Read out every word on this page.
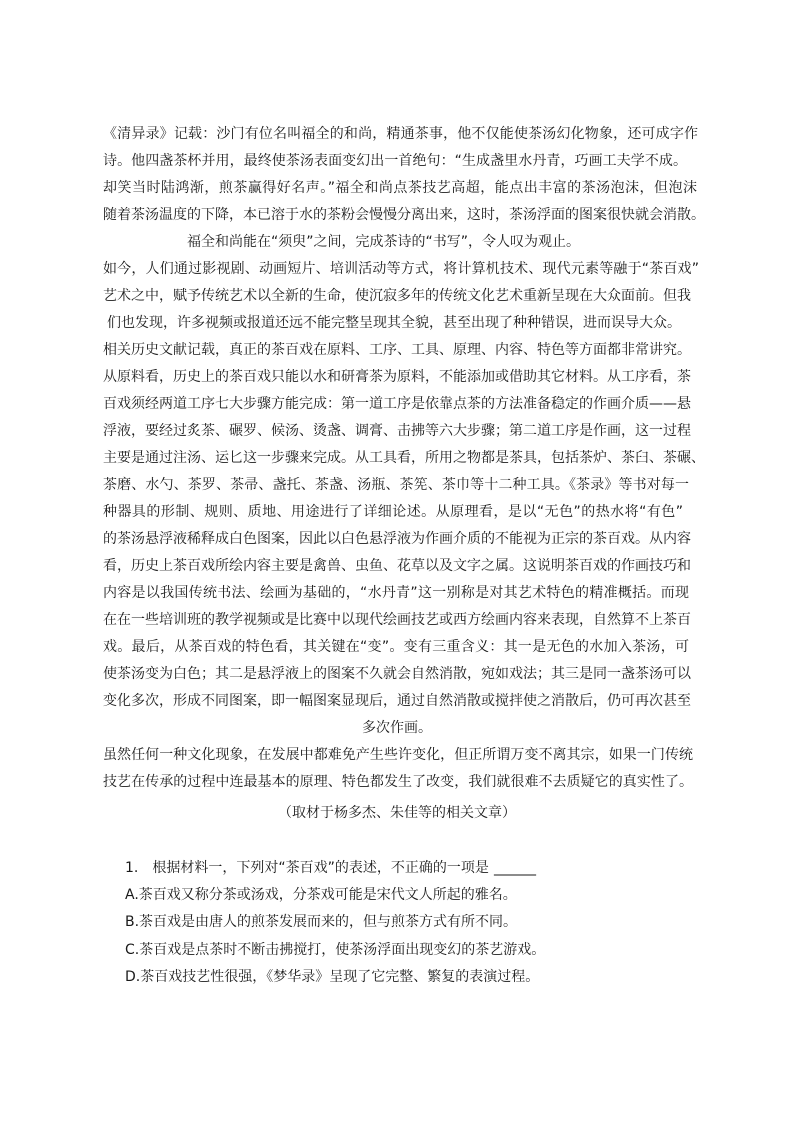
《清异录》记载：沙门有位名叫福全的和尚，精通茶事，他不仅能使茶汤幻化物象，还可成字作
诗。他四盏茶杯并用，最终使茶汤表面变幻出一首绝句：“生成盏里水丹青，巧画工夫学不成。
却笑当时陆鸿渐，煎茶赢得好名声。”福全和尚点茶技艺高超，能点出丰富的茶汤泡沫，但泡沫
随着茶汤温度的下降，本已溶于水的茶粉会慢慢分离出来，这时，茶汤浮面的图案很快就会消散。
福全和尚能在“须臾”之间，完成茶诗的“书写”，令人叹为观止。
如今，人们通过影视剧、动画短片、培训活动等方式，将计算机技术、现代元素等融于“茶百戏”
艺术之中，赋予传统艺术以全新的生命，使沉寂多年的传统文化艺术重新呈现在大众面前。但我
们也发现，许多视频或报道还远不能完整呈现其全貌，甚至出现了种种错误，进而误导大众。
相关历史文献记载，真正的茶百戏在原料、工序、工具、原理、内容、特色等方面都非常讲究。
从原料看，历史上的茶百戏只能以水和研膏茶为原料，不能添加或借助其它材料。从工序看，茶
百戏须经两道工序七大步骤方能完成：第一道工序是依靠点茶的方法准备稳定的作画介质——悬
浮液，要经过炙茶、碾罗、候汤、烫盏、调膏、击拂等六大步骤；第二道工序是作画，这一过程
主要是通过注汤、运匕这一步骤来完成。从工具看，所用之物都是茶具，包括茶炉、茶臼、茶碾、
茶磨、水勺、茶罗、茶帚、盏托、茶盏、汤瓶、茶筅、茶巾等十二种工具。《茶录》等书对每一
种器具的形制、规则、质地、用途进行了详细论述。从原理看，是以“无色”的热水将“有色”
的茶汤悬浮液稀释成白色图案，因此以白色悬浮液为作画介质的不能视为正宗的茶百戏。从内容
看，历史上茶百戏所绘内容主要是禽兽、虫鱼、花草以及文字之属。这说明茶百戏的作画技巧和
内容是以我国传统书法、绘画为基础的，“水丹青”这一别称是对其艺术特色的精准概括。而现
在在一些培训班的教学视频或是比赛中以现代绘画技艺或西方绘画内容来表现，自然算不上茶百
戏。最后，从茶百戏的特色看，其关键在“变”。变有三重含义：其一是无色的水加入茶汤，可
使茶汤变为白色；其二是悬浮液上的图案不久就会自然消散，宛如戏法；其三是同一盏茶汤可以
变化多次，形成不同图案，即一幅图案显现后，通过自然消散或搅拌使之消散后，仍可再次甚至
多次作画。
虽然任何一种文化现象，在发展中都难免产生些许变化，但正所谓万变不离其宗，如果一门传统
技艺在传承的过程中连最基本的原理、特色都发生了改变，我们就很难不去质疑它的真实性了。
（取材于杨多杰、朱佳等的相关文章）
1.　根据材料一，下列对“茶百戏”的表述，不正确的一项是 ______
A.茶百戏又称分茶或汤戏，分茶戏可能是宋代文人所起的雅名。
B.茶百戏是由唐人的煎茶发展而来的，但与煎茶方式有所不同。
C.茶百戏是点茶时不断击拂搅打，使茶汤浮面出现变幻的茶艺游戏。
D.茶百戏技艺性很强，《梦华录》呈现了它完整、繁复的表演过程。
